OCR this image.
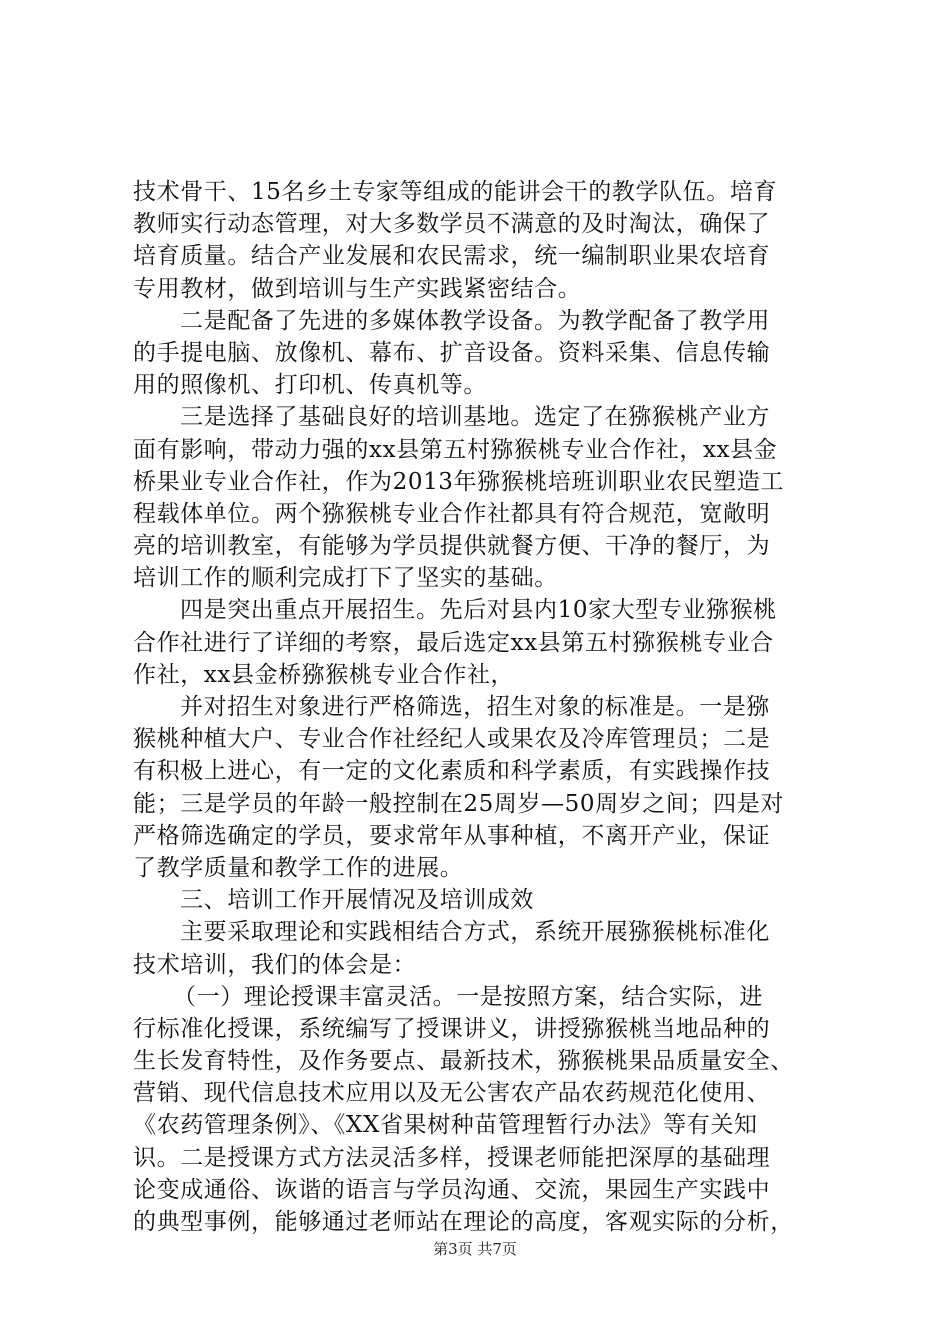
技术骨干、15名乡土专家等组成的能讲会干的教学队伍。培育
教师实行动态管理，对大多数学员不满意的及时淘汰，确保了
培育质量。结合产业发展和农民需求，统一编制职业果农培育
专用教材，做到培训与生产实践紧密结合。
二是配备了先进的多媒体教学设备。为教学配备了教学用
的手提电脑、放像机、幕布、扩音设备。资料采集、信息传输
用的照像机、打印机、传真机等。
三是选择了基础良好的培训基地。选定了在猕猴桃产业方
面有影响，带动力强的xx县第五村猕猴桃专业合作社，xx县金
桥果业专业合作社，作为2013年猕猴桃培班训职业农民塑造工
程载体单位。两个猕猴桃专业合作社都具有符合规范，宽敞明
亮的培训教室，有能够为学员提供就餐方便、干净的餐厅，为
培训工作的顺利完成打下了坚实的基础。
四是突出重点开展招生。先后对县内10家大型专业猕猴桃
合作社进行了详细的考察，最后选定xx县第五村猕猴桃专业合
作社，xx县金桥猕猴桃专业合作社，
并对招生对象进行严格筛选，招生对象的标准是。一是猕
猴桃种植大户、专业合作社经纪人或果农及冷库管理员；二是
有积极上进心，有一定的文化素质和科学素质，有实践操作技
能；三是学员的年龄一般控制在25周岁—50周岁之间；四是对
严格筛选确定的学员，要求常年从事种植，不离开产业，保证
了教学质量和教学工作的进展。
三、培训工作开展情况及培训成效
主要采取理论和实践相结合方式，系统开展猕猴桃标准化
技术培训，我们的体会是：
（一）理论授课丰富灵活。一是按照方案，结合实际，进
行标准化授课，系统编写了授课讲义，讲授猕猴桃当地品种的
生长发育特性，及作务要点、最新技术，猕猴桃果品质量安全、
营销、现代信息技术应用以及无公害农产品农药规范化使用、
《农药管理条例》、《XX省果树种苗管理暂行办法》等有关知
识。二是授课方式方法灵活多样，授课老师能把深厚的基础理
论变成通俗、诙谐的语言与学员沟通、交流，果园生产实践中
的典型事例，能够通过老师站在理论的高度，客观实际的分析，
第3页 共7页
